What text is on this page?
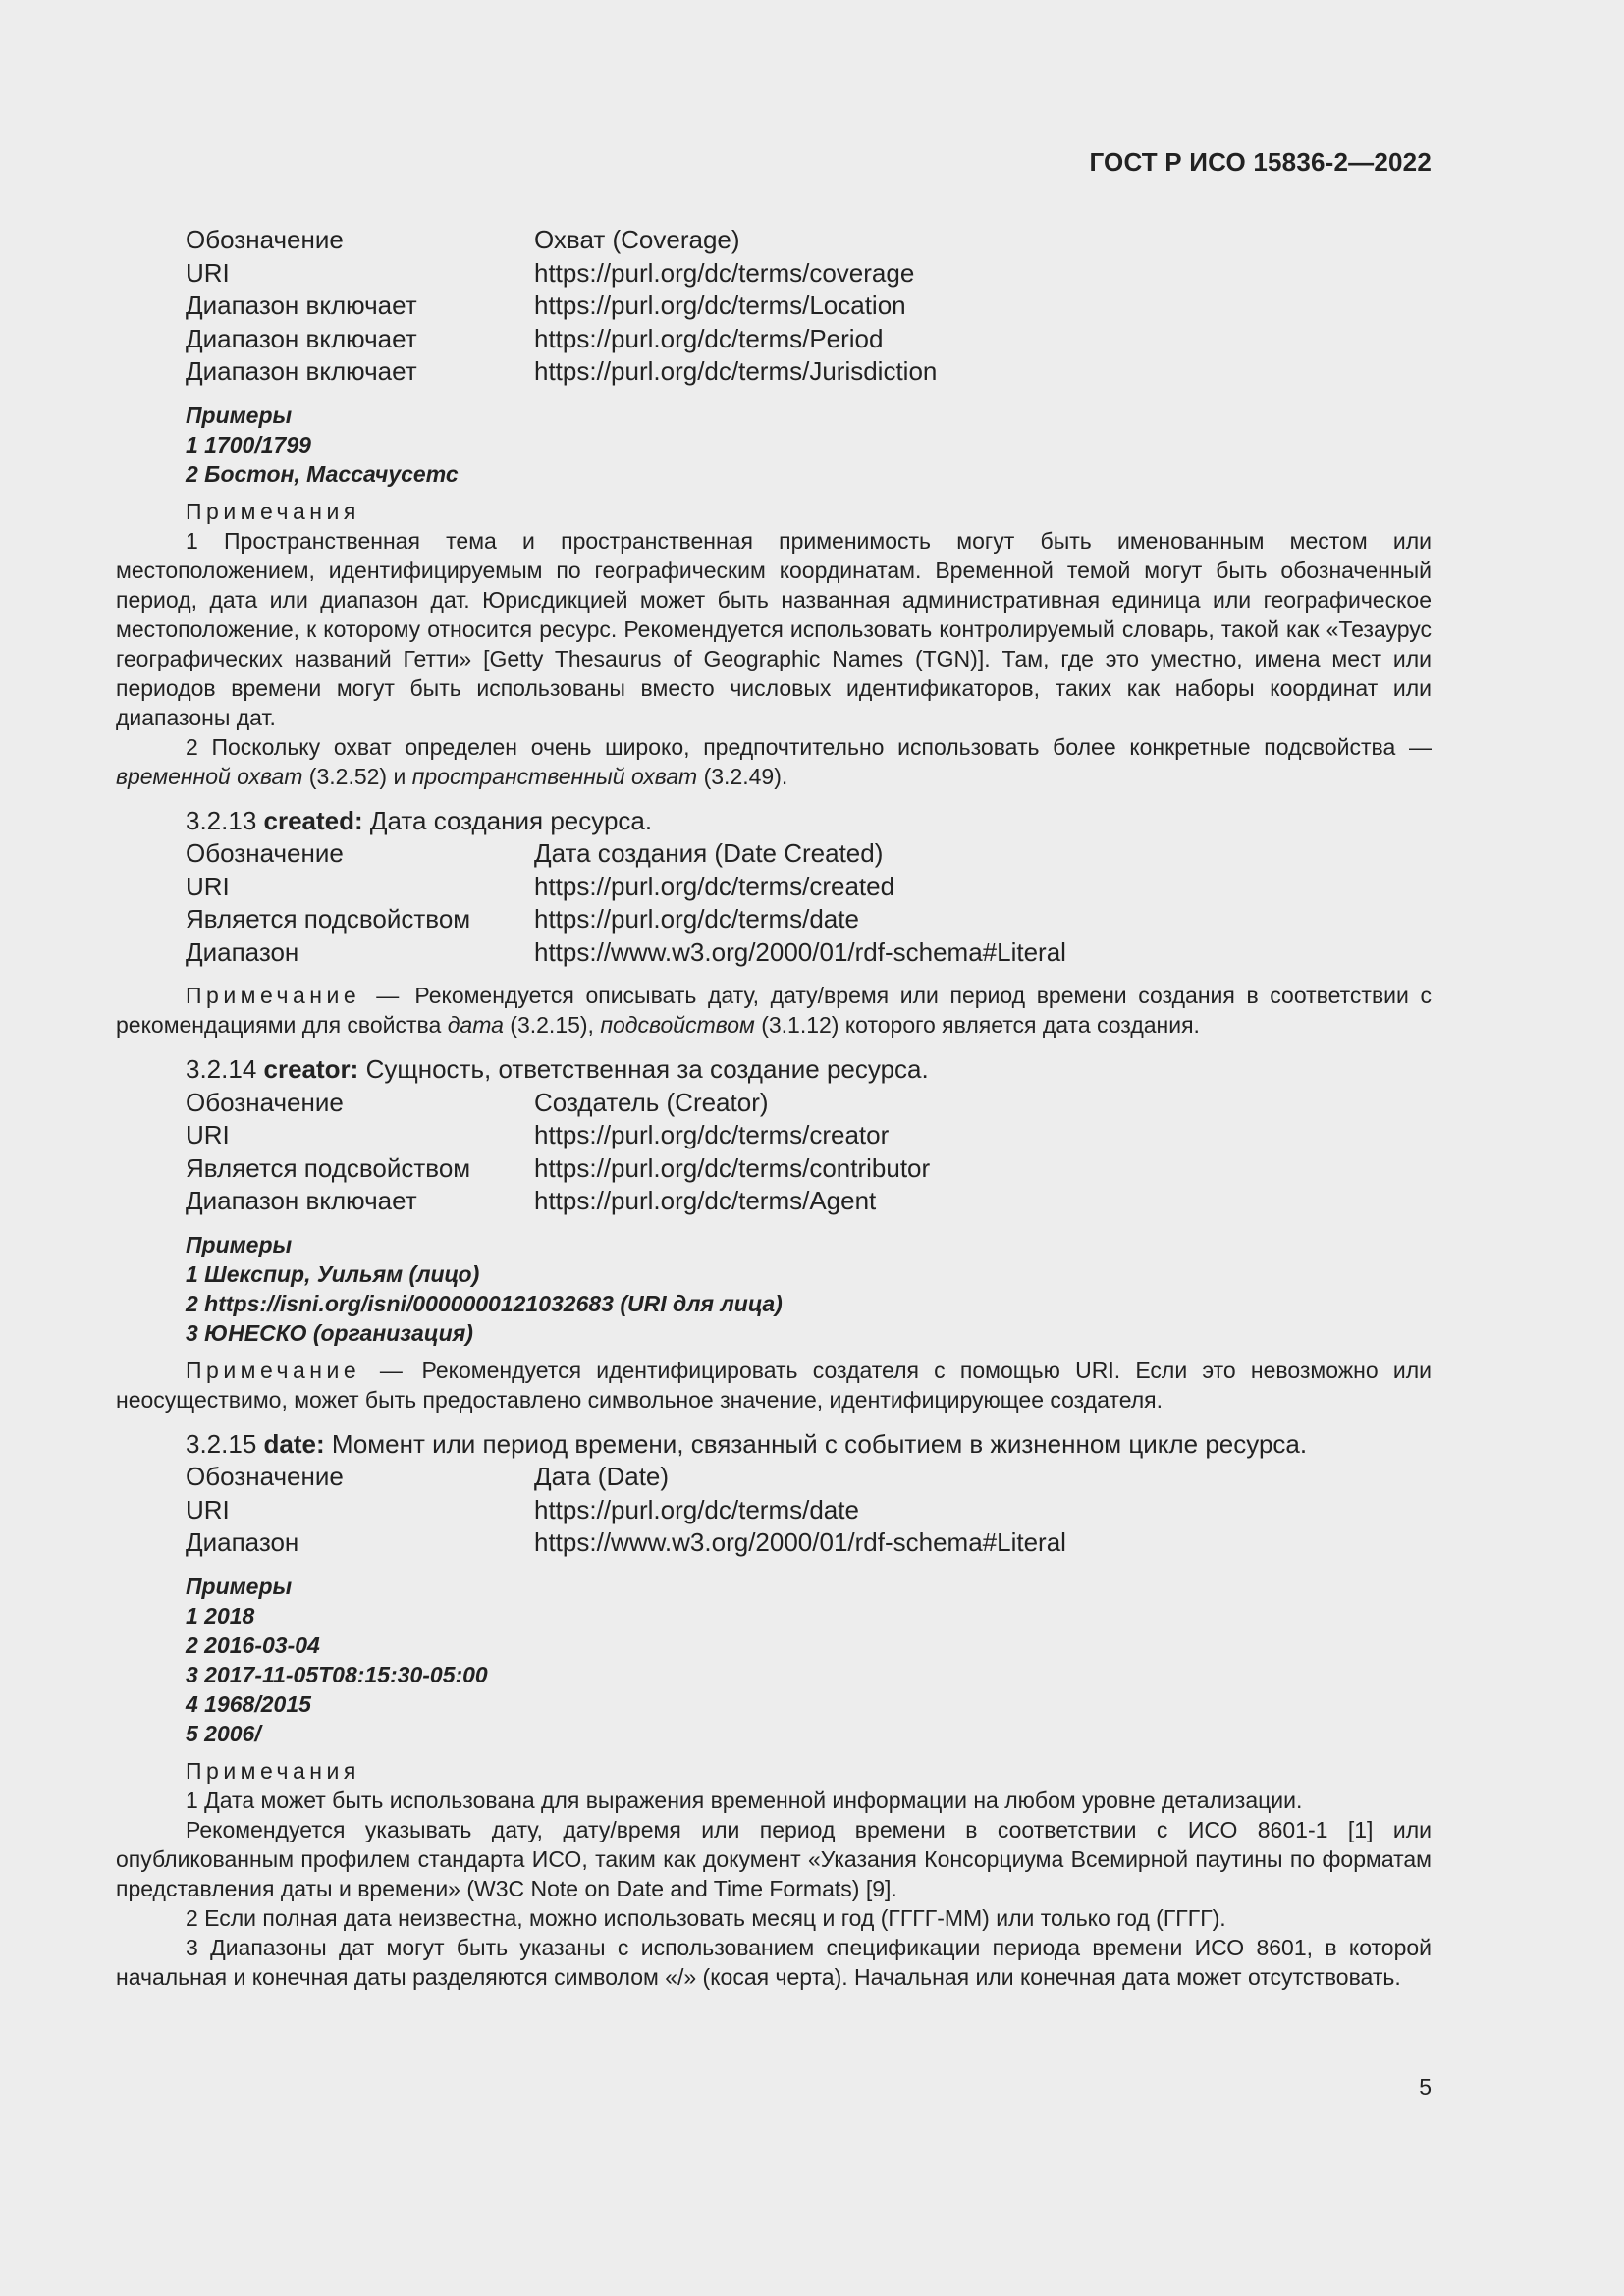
ГОСТ Р ИСО 15836-2—2022
Обозначение	Охват (Coverage)
URI	https://purl.org/dc/terms/coverage
Диапазон включает	https://purl.org/dc/terms/Location
Диапазон включает	https://purl.org/dc/terms/Period
Диапазон включает	https://purl.org/dc/terms/Jurisdiction
Примеры
1 1700/1799
2 Бостон, Массачусетс
Примечания
1 Пространственная тема и пространственная применимость могут быть именованным местом или местоположением, идентифицируемым по географическим координатам. Временной темой могут быть обозначенный период, дата или диапазон дат. Юрисдикцией может быть названная административная единица или географическое местоположение, к которому относится ресурс. Рекомендуется использовать контролируемый словарь, такой как «Тезаурус географических названий Гетти» [Getty Thesaurus of Geographic Names (TGN)]. Там, где это уместно, имена мест или периодов времени могут быть использованы вместо числовых идентификаторов, таких как наборы координат или диапазоны дат.
2 Поскольку охват определен очень широко, предпочтительно использовать более конкретные подсвойства — временной охват (3.2.52) и пространственный охват (3.2.49).
3.2.13 created: Дата создания ресурса.
Обозначение	Дата создания (Date Created)
URI	https://purl.org/dc/terms/created
Является подсвойством	https://purl.org/dc/terms/date
Диапазон	https://www.w3.org/2000/01/rdf-schema#Literal
Примечание — Рекомендуется описывать дату, дату/время или период времени создания в соответствии с рекомендациями для свойства дата (3.2.15), подсвойством (3.1.12) которого является дата создания.
3.2.14 creator: Сущность, ответственная за создание ресурса.
Обозначение	Создатель (Creator)
URI	https://purl.org/dc/terms/creator
Является подсвойством	https://purl.org/dc/terms/contributor
Диапазон включает	https://purl.org/dc/terms/Agent
Примеры
1 Шекспир, Уильям (лицо)
2 https://isni.org/isni/0000000121032683 (URI для лица)
3 ЮНЕСКО (организация)
Примечание — Рекомендуется идентифицировать создателя с помощью URI. Если это невозможно или неосуществимо, может быть предоставлено символьное значение, идентифицирующее создателя.
3.2.15 date: Момент или период времени, связанный с событием в жизненном цикле ресурса.
Обозначение	Дата (Date)
URI	https://purl.org/dc/terms/date
Диапазон	https://www.w3.org/2000/01/rdf-schema#Literal
Примеры
1 2018
2 2016-03-04
3 2017-11-05T08:15:30-05:00
4 1968/2015
5 2006/
Примечания
1 Дата может быть использована для выражения временной информации на любом уровне детализации.
Рекомендуется указывать дату, дату/время или период времени в соответствии с ИСО 8601-1 [1] или опубликованным профилем стандарта ИСО, таким как документ «Указания Консорциума Всемирной паутины по форматам представления даты и времени» (W3C Note on Date and Time Formats) [9].
2 Если полная дата неизвестна, можно использовать месяц и год (ГГГГ-ММ) или только год (ГГГГ).
3 Диапазоны дат могут быть указаны с использованием спецификации периода времени ИСО 8601, в которой начальная и конечная даты разделяются символом «/» (косая черта). Начальная или конечная дата может отсутствовать.
5
